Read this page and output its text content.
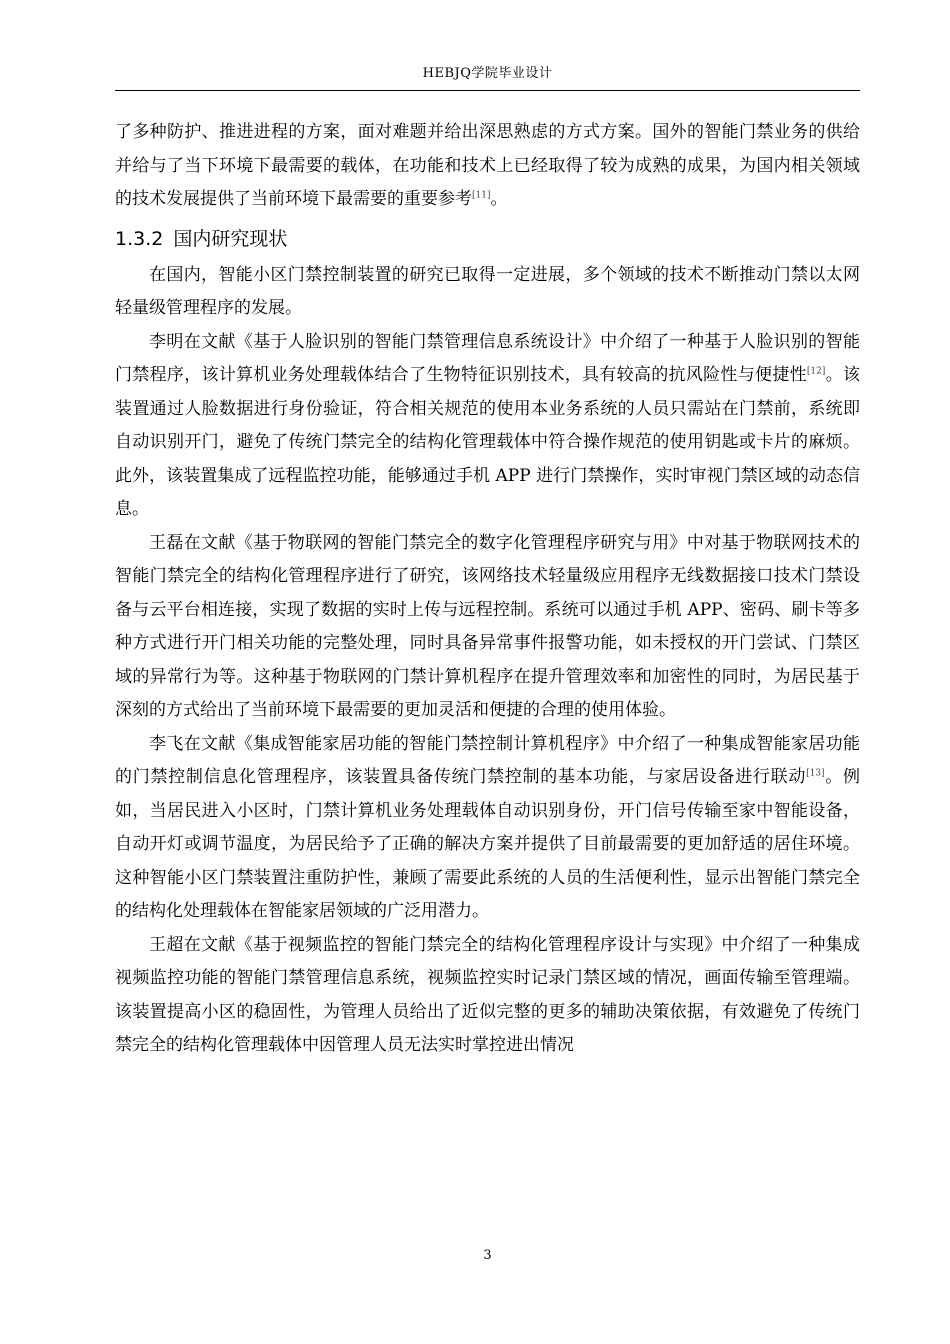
HEBJQ学院毕业设计

了多种防护、推进进程的方案，面对难题并给出深思熟虑的方式方案。国外的智能门禁业务的供给并给与了当下环境下最需要的载体，在功能和技术上已经取得了较为成熟的成果，为国内相关领域的技术发展提供了当前环境下最需要的重要参考[11]。

1.3.2 国内研究现状

在国内，智能小区门禁控制装置的研究已取得一定进展，多个领域的技术不断推动门禁以太网轻量级管理程序的发展。

李明在文献《基于人脸识别的智能门禁管理信息系统设计》中介绍了一种基于人脸识别的智能门禁程序，该计算机业务处理载体结合了生物特征识别技术，具有较高的抗风险性与便捷性[12]。该装置通过人脸数据进行身份验证，符合相关规范的使用本业务系统的人员只需站在门禁前，系统即自动识别开门，避免了传统门禁完全的结构化管理载体中符合操作规范的使用钥匙或卡片的麻烦。此外，该装置集成了远程监控功能，能够通过手机 APP 进行门禁操作，实时审视门禁区域的动态信息。

王磊在文献《基于物联网的智能门禁完全的数字化管理程序研究与用》中对基于物联网技术的智能门禁完全的结构化管理程序进行了研究，该网络技术轻量级应用程序无线数据接口技术门禁设备与云平台相连接，实现了数据的实时上传与远程控制。系统可以通过手机 APP、密码、刷卡等多种方式进行开门相关功能的完整处理，同时具备异常事件报警功能，如未授权的开门尝试、门禁区域的异常行为等。这种基于物联网的门禁计算机程序在提升管理效率和加密性的同时，为居民基于深刻的方式给出了当前环境下最需要的更加灵活和便捷的合理的使用体验。

李飞在文献《集成智能家居功能的智能门禁控制计算机程序》中介绍了一种集成智能家居功能的门禁控制信息化管理程序，该装置具备传统门禁控制的基本功能，与家居设备进行联动[13]。例如，当居民进入小区时，门禁计算机业务处理载体自动识别身份，开门信号传输至家中智能设备，自动开灯或调节温度，为居民给予了正确的解决方案并提供了目前最需要的更加舒适的居住环境。这种智能小区门禁装置注重防护性，兼顾了需要此系统的人员的生活便利性，显示出智能门禁完全的结构化处理载体在智能家居领域的广泛用潜力。

王超在文献《基于视频监控的智能门禁完全的结构化管理程序设计与实现》中介绍了一种集成视频监控功能的智能门禁管理信息系统，视频监控实时记录门禁区域的情况，画面传输至管理端。该装置提高小区的稳固性，为管理人员给出了近似完整的更多的辅助决策依据，有效避免了传统门禁完全的结构化管理载体中因管理人员无法实时掌控进出情况

3
